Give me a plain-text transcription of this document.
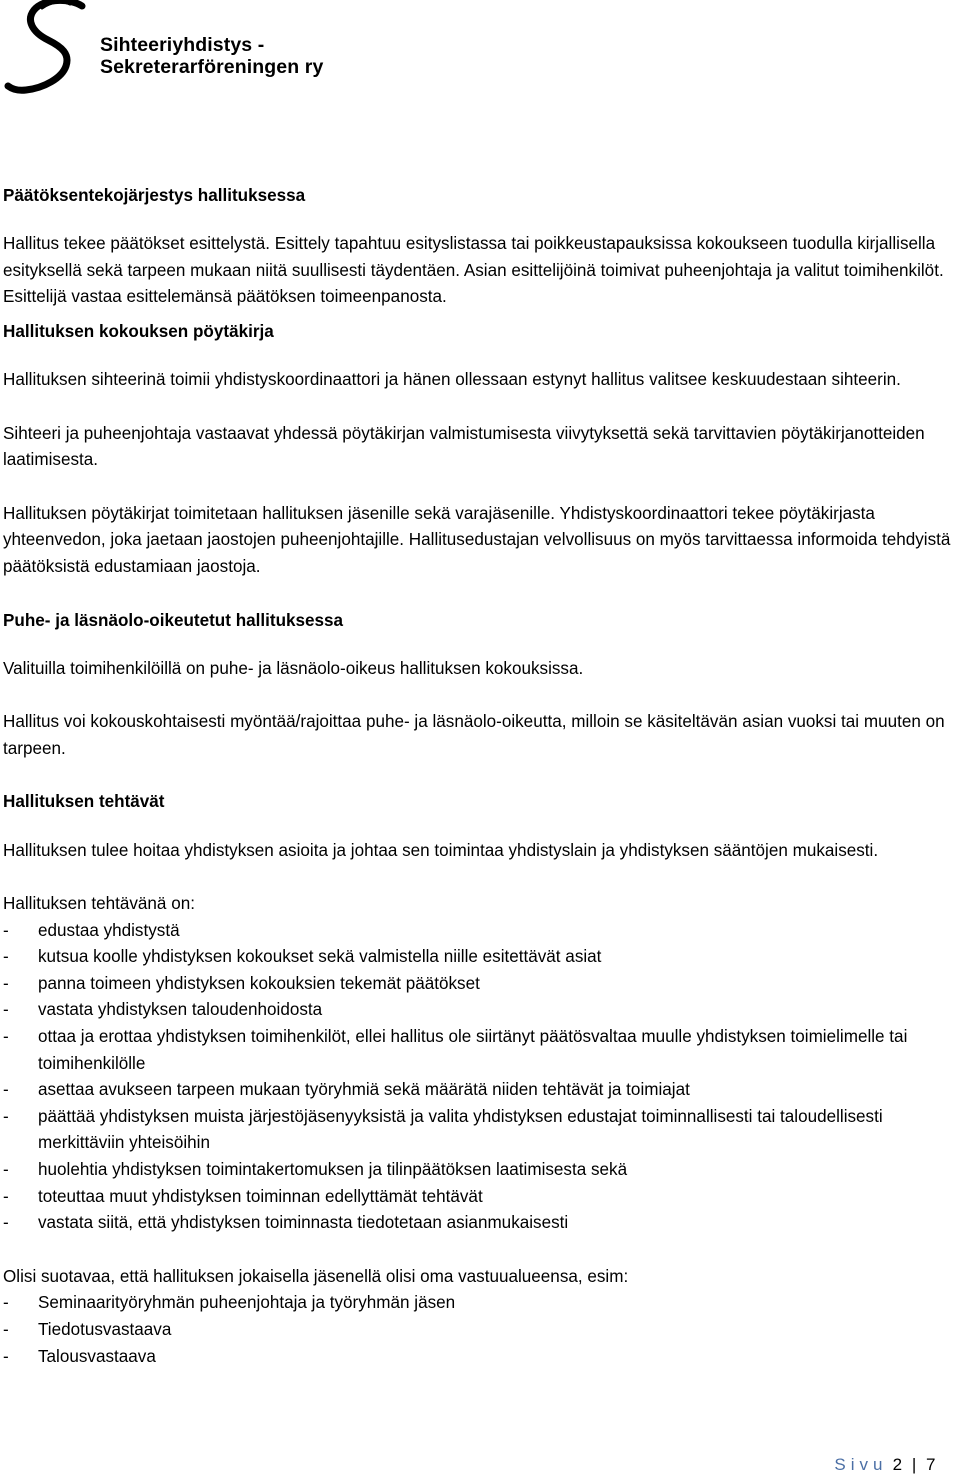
Sihteeriyhdistys -
Sekreterarföreningen ry

Päätöksentekojärjestys hallituksessa

Hallitus tekee päätökset esittelystä. Esittely tapahtuu esityslistassa tai poikkeustapauksissa kokoukseen tuodulla kirjallisella esityksellä sekä tarpeen mukaan niitä suullisesti täydentäen. Asian esittelijöinä toimivat puheenjohtaja ja valitut toimihenkilöt. Esittelijä vastaa esittelemänsä päätöksen toimeenpanosta.

Hallituksen kokouksen pöytäkirja

Hallituksen sihteerinä toimii yhdistyskoordinaattori ja hänen ollessaan estynyt hallitus valitsee keskuudestaan sihteerin.

Sihteeri ja puheenjohtaja vastaavat yhdessä pöytäkirjan valmistumisesta viivytyksettä sekä tarvittavien pöytäkirjanotteiden laatimisesta.

Hallituksen pöytäkirjat toimitetaan hallituksen jäsenille sekä varajäsenille. Yhdistyskoordinaattori tekee pöytäkirjasta yhteenvedon, joka jaetaan jaostojen puheenjohtajille. Hallitusedustajan velvollisuus on myös tarvittaessa informoida tehdyistä päätöksistä edustamiaan jaostoja.

Puhe- ja läsnäolo-oikeutetut hallituksessa

Valituilla toimihenkilöillä on puhe- ja läsnäolo-oikeus hallituksen kokouksissa.

Hallitus voi kokouskohtaisesti myöntää/rajoittaa puhe- ja läsnäolo-oikeutta, milloin se käsiteltävän asian vuoksi tai muuten on tarpeen.

Hallituksen tehtävät

Hallituksen tulee hoitaa yhdistyksen asioita ja johtaa sen toimintaa yhdistyslain ja yhdistyksen sääntöjen mukaisesti.

Hallituksen tehtävänä on:

- edustaa yhdistystä
- kutsua koolle yhdistyksen kokoukset sekä valmistella niille esitettävät asiat
- panna toimeen yhdistyksen kokouksien tekemät päätökset
- vastata yhdistyksen taloudenhoidosta
- ottaa ja erottaa yhdistyksen toimihenkilöt, ellei hallitus ole siirtänyt päätösvaltaa muulle yhdistyksen toimielimelle tai toimihenkilölle
- asettaa avukseen tarpeen mukaan työryhmiä sekä määrätä niiden tehtävät ja toimiajat
- päättää yhdistyksen muista järjestöjäsenyyksistä ja valita yhdistyksen edustajat toiminnallisesti tai taloudellisesti merkittäviin yhteisöihin
- huolehtia yhdistyksen toimintakertomuksen ja tilinpäätöksen laatimisesta sekä
- toteuttaa muut yhdistyksen toiminnan edellyttämät tehtävät
- vastata siitä, että yhdistyksen toiminnasta tiedotetaan asianmukaisesti

Olisi suotavaa, että hallituksen jokaisella jäsenellä olisi oma vastuualueensa, esim:

- Seminaarityöryhmän puheenjohtaja ja työryhmän jäsen
- Tiedotusvastaava
- Talousvastaava
Sivu 2 | 7
